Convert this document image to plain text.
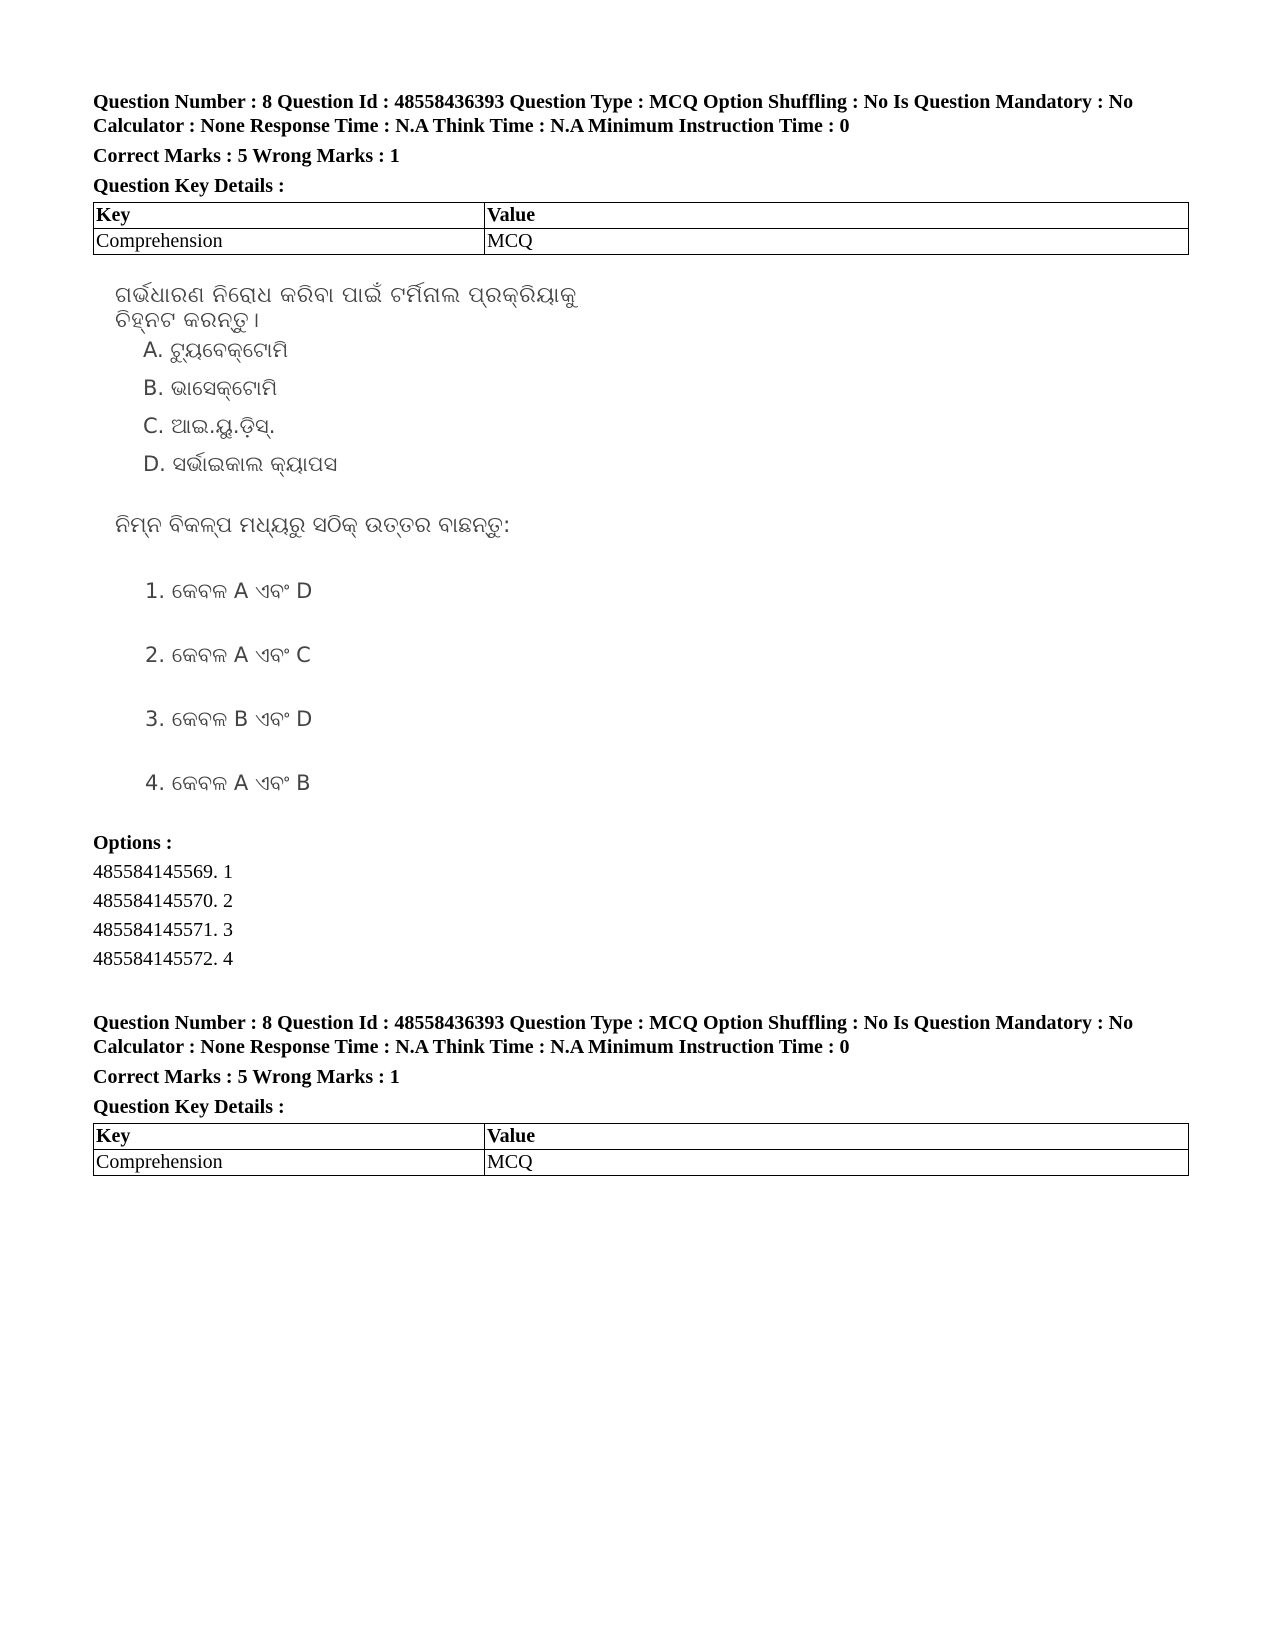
Question Number : 8 Question Id : 48558436393 Question Type : MCQ Option Shuffling : No Is Question Mandatory : No
Calculator : None Response Time : N.A Think Time : N.A Minimum Instruction Time : 0
Correct Marks : 5 Wrong Marks : 1
Question Key Details :
Key	Value
Comprehension	MCQ
ଗର୍ଭଧାରଣ ନିରୋଧ କରିବା ପାଇଁ ଟର୍ମିନାଲ ପ୍ରକ୍ରିୟାକୁ ଚିହ୍ନଟ କରନ୍ତୁ।
A. ଟ୍ୟୁବେକ୍ଟୋମି
B. ଭାସେକ୍ଟୋମି
C. ଆଇ.ୟୁ.ଡି଼ସ୍.
D. ସର୍ଭାଇକାଲ କ୍ୟାପସ
ନିମ୍ନ ବିକଳ୍ପ ମଧ୍ୟରୁ ସଠିକ୍ ଉତ୍ତର ବାଛନ୍ତୁ:
1. କେବଳ A ଏବଂ D
2. କେବଳ A ଏବଂ C
3. କେବଳ B ଏବଂ D
4. କେବଳ A ଏବଂ B
Options :
485584145569. 1
485584145570. 2
485584145571. 3
485584145572. 4
Question Number : 8 Question Id : 48558436393 Question Type : MCQ Option Shuffling : No Is Question Mandatory : No
Calculator : None Response Time : N.A Think Time : N.A Minimum Instruction Time : 0
Correct Marks : 5 Wrong Marks : 1
Question Key Details :
Key	Value
Comprehension	MCQ
